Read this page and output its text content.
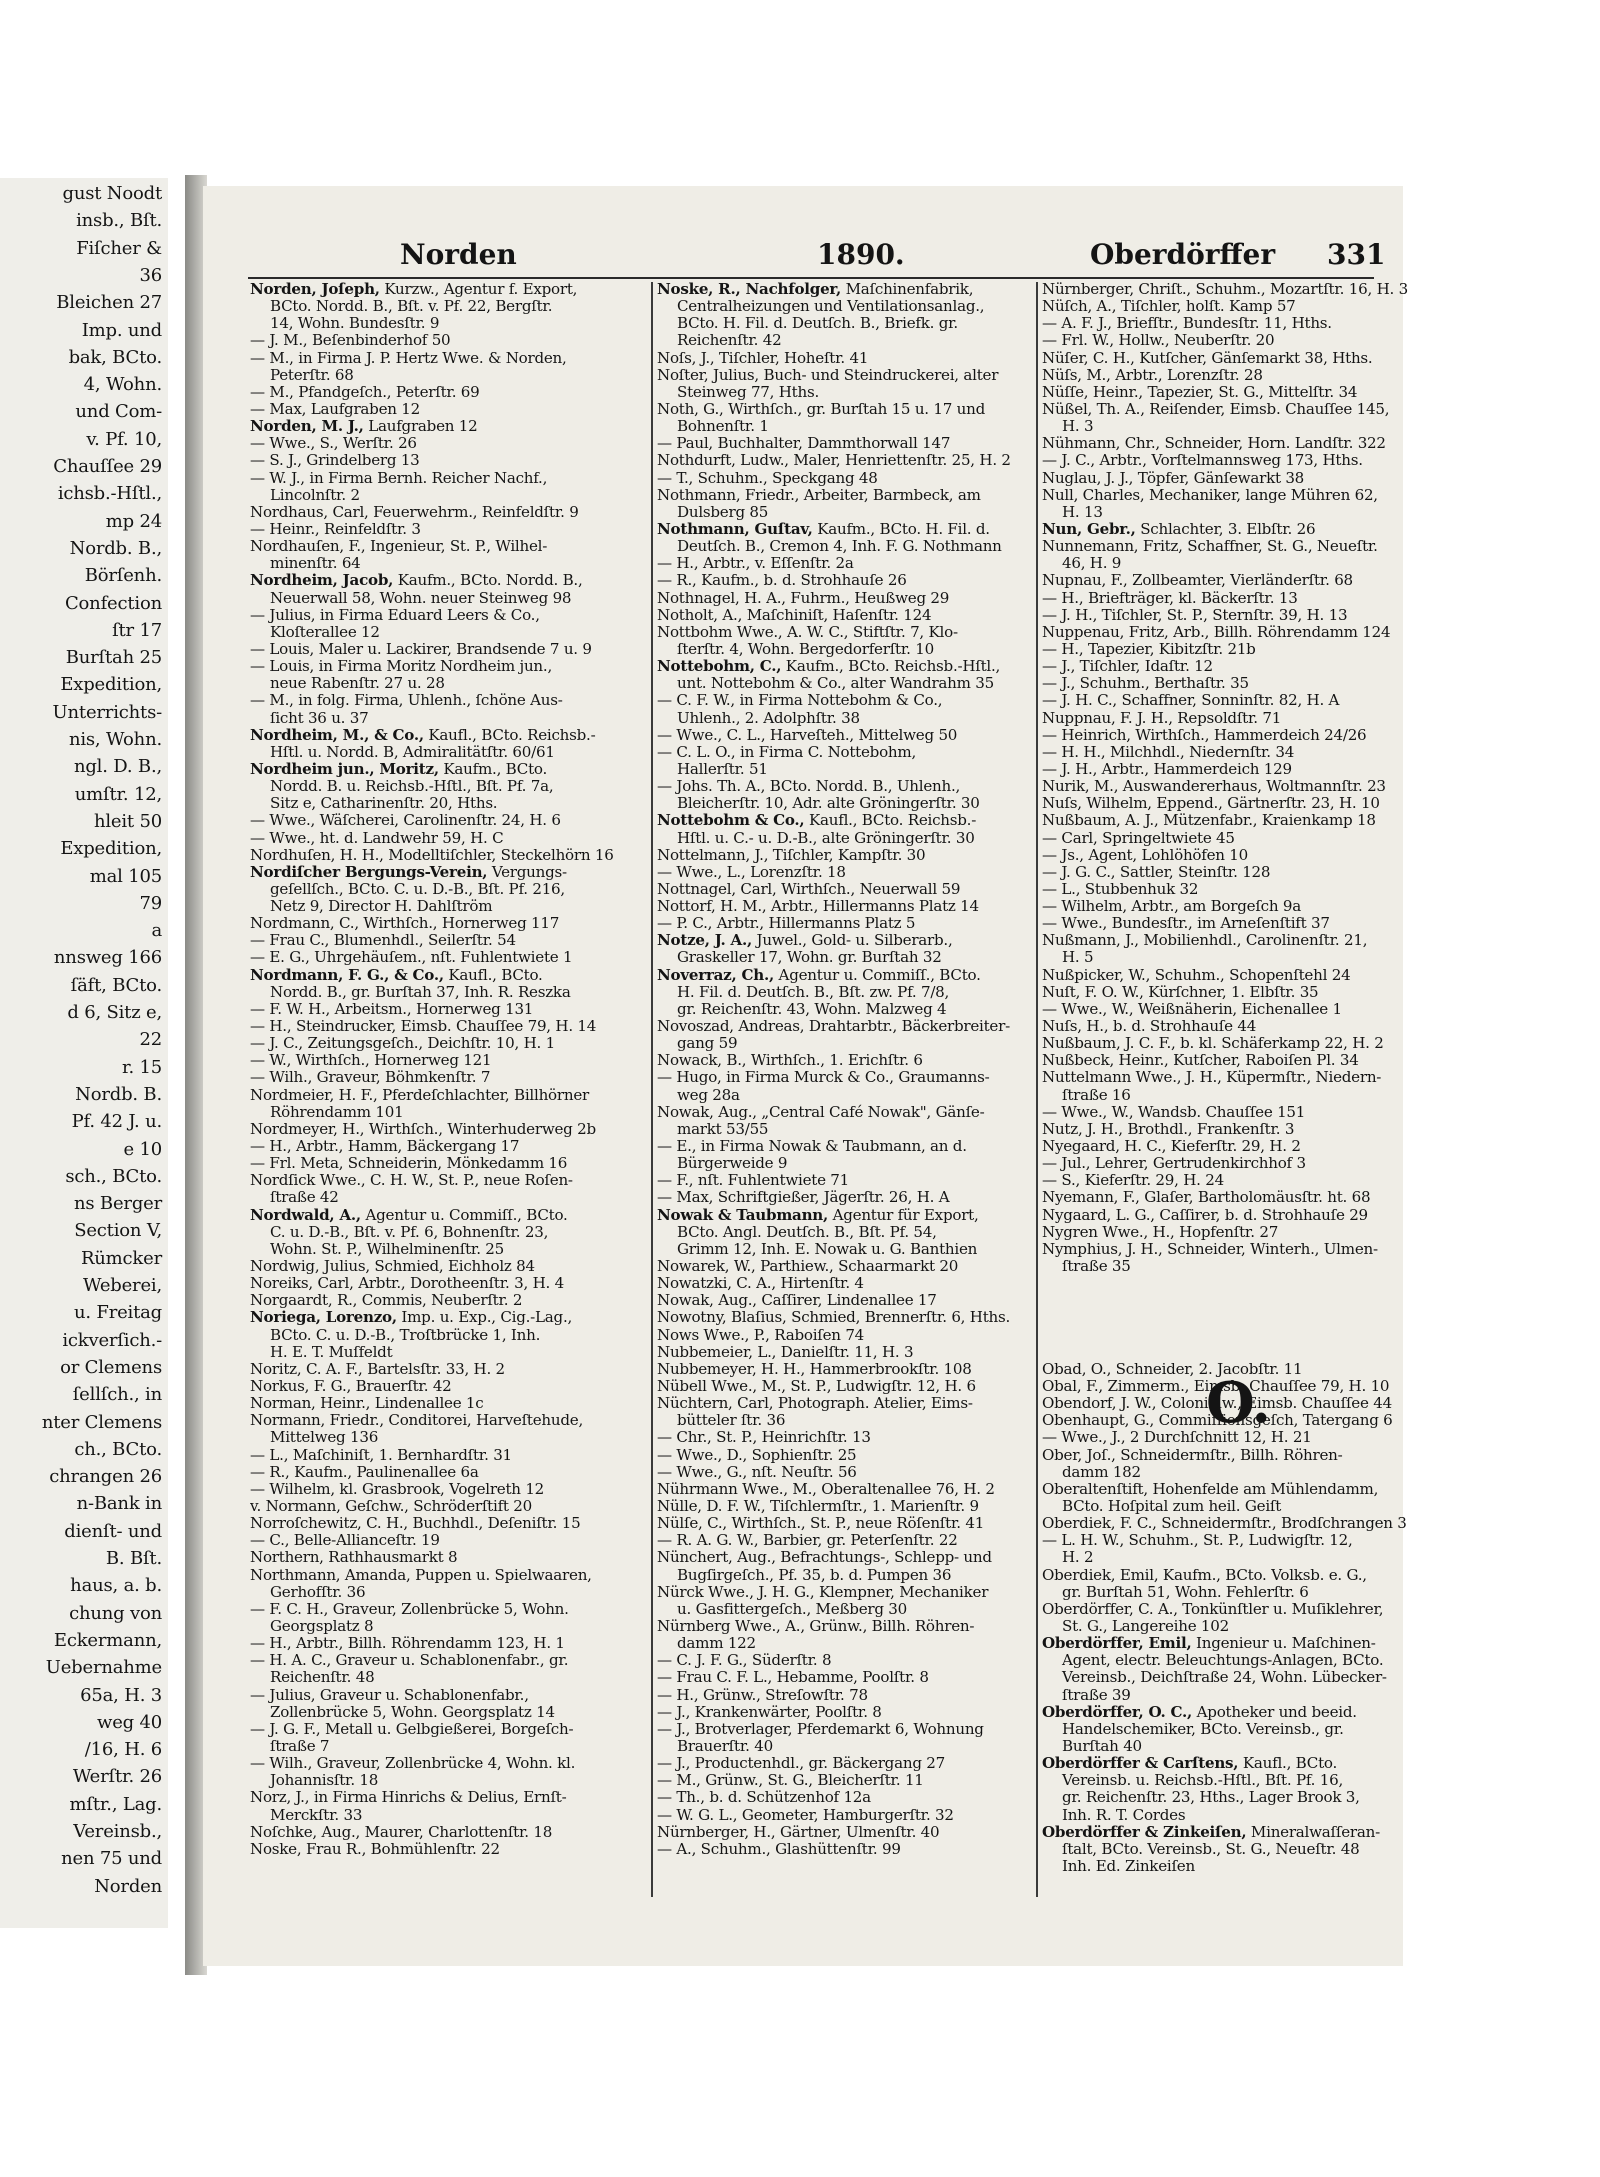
gust Noodt
insb., Bſt.
Fiſcher &
36
Bleichen 27
Imp. und
bak, BCto.
4, Wohn.
und Com-
v. Pf. 10,
Chauſſee 29
ichsb.-Hſtl.,
mp 24
Nordb. B.,
Börſenh.
Confection
ſtr 17
Burſtah 25
Expedition,
Unterrichts-
nis, Wohn.
ngl. D. B.,
umſtr. 12,
hleit 50
Expedition,
mal 105
79
a
nnsweg 166
ſäft, BCto.
d 6, Sitz e,
22
r. 15
Nordb. B.
Pf. 42 J. u.
e 10
sch., BCto.
ns Berger
Section V,
Rümcker
Weberei,
u. Freitag
ickverſich.-
or Clemens
ſellſch., in
nter Clemens
ch., BCto.
chrangen 26
n-Bank in
dienſt- und
B. Bſt.
haus, a. b.
chung von
Eckermann,
Uebernahme
65a, H. 3
weg 40
/16, H. 6
Werſtr. 26
mſtr., Lag.
Vereinsb.,
nen 75 und
Norden
Norden	1890.	Oberdörffer 331
Norden, Joſeph, Kurzw., Agentur f. Export,
BCto. Nordd. B., Bſt. v. Pf. 22, Bergſtr.
14, Wohn. Bundesſtr. 9
— J. M., Beſenbinderhof 50
— M., in Firma J. P. Hertz Wwe. & Norden,
Peterſtr. 68
— M., Pfandgeſch., Peterſtr. 69
— Max, Laufgraben 12
Norden, M. J., Laufgraben 12
— Wwe., S., Werſtr. 26
— S. J., Grindelberg 13
— W. J., in Firma Bernh. Reicher Nachf.,
Lincolnſtr. 2
Nordhaus, Carl, Feuerwehrm., Reinfeldſtr. 9
— Heinr., Reinfeldſtr. 3
Nordhauſen, F., Ingenieur, St. P., Wilhel-
minenſtr. 64
Nordheim, Jacob, Kaufm., BCto. Nordd. B.,
Neuerwall 58, Wohn. neuer Steinweg 98
— Julius, in Firma Eduard Leers & Co.,
Kloſterallee 12
— Louis, Maler u. Lackirer, Brandsende 7 u. 9
— Louis, in Firma Moritz Nordheim jun.,
neue Rabenſtr. 27 u. 28
— M., in folg. Firma, Uhlenh., ſchöne Aus-
ſicht 36 u. 37
Nordheim, M., & Co., Kaufl., BCto. Reichsb.-
Hſtl. u. Nordd. B, Admiralitätſtr. 60/61
Nordheim jun., Moritz, Kaufm., BCto.
Nordd. B. u. Reichsb.-Hſtl., Bſt. Pf. 7a,
Sitz e, Catharinenſtr. 20, Hths.
— Wwe., Wäſcherei, Carolinenſtr. 24, H. 6
— Wwe., ht. d. Landwehr 59, H. C
Nordhuſen, H. H., Modelltiſchler, Steckelhörn 16
Nordiſcher Bergungs-Verein, Vergungs-
geſellſch., BCto. C. u. D.-B., Bſt. Pf. 216,
Netz 9, Director H. Dahlſtröm
Nordmann, C., Wirthſch., Hornerweg 117
— Frau C., Blumenhdl., Seilerſtr. 54
— E. G., Uhrgehäuſem., nſt. Fuhlentwiete 1
Nordmann, F. G., & Co., Kaufl., BCto.
Nordd. B., gr. Burſtah 37, Inh. R. Reszka
— F. W. H., Arbeitsm., Hornerweg 131
— H., Steindrucker, Eimsb. Chauſſee 79, H. 14
— J. C., Zeitungsgeſch., Deichſtr. 10, H. 1
— W., Wirthſch., Hornerweg 121
— Wilh., Graveur, Böhmkenſtr. 7
Nordmeier, H. F., Pferdeſchlachter, Billhörner
Röhrendamm 101
Nordmeyer, H., Wirthſch., Winterhuderweg 2b
— H., Arbtr., Hamm, Bäckergang 17
— Frl. Meta, Schneiderin, Mönkedamm 16
Nordſick Wwe., C. H. W., St. P., neue Roſen-
ſtraße 42
Nordwald, A., Agentur u. Commiſſ., BCto.
C. u. D.-B., Bſt. v. Pf. 6, Bohnenſtr. 23,
Wohn. St. P., Wilhelminenſtr. 25
Nordwig, Julius, Schmied, Eichholz 84
Noreiks, Carl, Arbtr., Dorotheenſtr. 3, H. 4
Norgaardt, R., Commis, Neuberſtr. 2
Noriega, Lorenzo, Imp. u. Exp., Cig.-Lag.,
BCto. C. u. D.-B., Troſtbrücke 1, Inh.
H. E. T. Muſfeldt
Noritz, C. A. F., Bartelsſtr. 33, H. 2
Norkus, F. G., Brauerſtr. 42
Norman, Heinr., Lindenallee 1c
Normann, Friedr., Conditorei, Harveſtehude,
Mittelweg 136
— L., Maſchiniſt, 1. Bernhardſtr. 31
— R., Kaufm., Paulinenallee 6a
— Wilhelm, kl. Grasbrook, Vogelreth 12
v. Normann, Geſchw., Schröderſtift 20
Norroſchewitz, C. H., Buchhdl., Deſeniſtr. 15
— C., Belle-Allianceſtr. 19
Northern, Rathhausmarkt 8
Northmann, Amanda, Puppen u. Spielwaaren,
Gerhofſtr. 36
— F. C. H., Graveur, Zollenbrücke 5, Wohn.
Georgsplatz 8
— H., Arbtr., Billh. Röhrendamm 123, H. 1
— H. A. C., Graveur u. Schablonenfabr., gr.
Reichenſtr. 48
— Julius, Graveur u. Schablonenfabr.,
Zollenbrücke 5, Wohn. Georgsplatz 14
— J. G. F., Metall u. Gelbgießerei, Borgeſch-
ſtraße 7
— Wilh., Graveur, Zollenbrücke 4, Wohn. kl.
Johannisſtr. 18
Norz, J., in Firma Hinrichs & Delius, Ernſt-
Merckſtr. 33
Noſchke, Aug., Maurer, Charlottenſtr. 18
Noske, Frau R., Bohmühlenſtr. 22
Noske, R., Nachfolger, Maſchinenfabrik,
Centralheizungen und Ventilationsanlag.,
BCto. H. Fil. d. Deutſch. B., Briefk. gr.
Reichenſtr. 42
Noſs, J., Tiſchler, Hoheſtr. 41
Noſter, Julius, Buch- und Steindruckerei, alter
Steinweg 77, Hths.
Noth, G., Wirthſch., gr. Burſtah 15 u. 17 und
Bohnenſtr. 1
— Paul, Buchhalter, Dammthorwall 147
Nothdurft, Ludw., Maler, Henriettenſtr. 25, H. 2
— T., Schuhm., Speckgang 48
Nothmann, Friedr., Arbeiter, Barmbeck, am
Dulsberg 85
Nothmann, Guſtav, Kaufm., BCto. H. Fil. d.
Deutſch. B., Cremon 4, Inh. F. G. Nothmann
— H., Arbtr., v. Eſſenſtr. 2a
— R., Kaufm., b. d. Strohhauſe 26
Nothnagel, H. A., Fuhrm., Heußweg 29
Notholt, A., Maſchiniſt, Haſenſtr. 124
Nottbohm Wwe., A. W. C., Stiftſtr. 7, Klo-
ſterſtr. 4, Wohn. Bergedorferſtr. 10
Nottebohm, C., Kaufm., BCto. Reichsb.-Hſtl.,
unt. Nottebohm & Co., alter Wandrahm 35
— C. F. W., in Firma Nottebohm & Co.,
Uhlenh., 2. Adolphſtr. 38
— Wwe., C. L., Harveſteh., Mittelweg 50
— C. L. O., in Firma C. Nottebohm,
Hallerſtr. 51
— Johs. Th. A., BCto. Nordd. B., Uhlenh.,
Bleicherſtr. 10, Adr. alte Gröningerſtr. 30
Nottebohm & Co., Kaufl., BCto. Reichsb.-
Hſtl. u. C.- u. D.-B., alte Gröningerſtr. 30
Nottelmann, J., Tiſchler, Kampſtr. 30
— Wwe., L., Lorenzſtr. 18
Nottnagel, Carl, Wirthſch., Neuerwall 59
Nottorf, H. M., Arbtr., Hillermanns Platz 14
— P. C., Arbtr., Hillermanns Platz 5
Notze, J. A., Juwel., Gold- u. Silberarb.,
Graskeller 17, Wohn. gr. Burſtah 32
Noverraz, Ch., Agentur u. Commiſſ., BCto.
H. Fil. d. Deutſch. B., Bſt. zw. Pf. 7/8,
gr. Reichenſtr. 43, Wohn. Malzweg 4
Novoszad, Andreas, Drahtarbtr., Bäckerbreiter-
gang 59
Nowack, B., Wirthſch., 1. Erichſtr. 6
— Hugo, in Firma Murck & Co., Graumanns-
weg 28a
Nowak, Aug., „Central Café Nowak", Gänſe-
markt 53/55
— E., in Firma Nowak & Taubmann, an d.
Bürgerweide 9
— F., nſt. Fuhlentwiete 71
— Max, Schriftgießer, Jägerſtr. 26, H. A
Nowak & Taubmann, Agentur für Export,
BCto. Angl. Deutſch. B., Bſt. Pf. 54,
Grimm 12, Inh. E. Nowak u. G. Banthien
Nowarek, W., Parthiew., Schaarmarkt 20
Nowatzki, C. A., Hirtenſtr. 4
Nowak, Aug., Caſſirer, Lindenallee 17
Nowotny, Blaſius, Schmied, Brennerſtr. 6, Hths.
Nows Wwe., P., Raboiſen 74
Nubbemeier, L., Danielſtr. 11, H. 3
Nubbemeyer, H. H., Hammerbrookſtr. 108
Nübell Wwe., M., St. P., Ludwigſtr. 12, H. 6
Nüchtern, Carl, Photograph. Atelier, Eims-
bütteler ſtr. 36
— Chr., St. P., Heinrichſtr. 13
— Wwe., D., Sophienſtr. 25
— Wwe., G., nſt. Neuſtr. 56
Nührmann Wwe., M., Oberaltenallee 76, H. 2
Nülle, D. F. W., Tiſchlermſtr., 1. Marienſtr. 9
Nülſe, C., Wirthſch., St. P., neue Röſenſtr. 41
— R. A. G. W., Barbier, gr. Peterſenſtr. 22
Nünchert, Aug., Befrachtungs-, Schlepp- und
Bugſirgeſch., Pf. 35, b. d. Pumpen 36
Nürck Wwe., J. H. G., Klempner, Mechaniker
u. Gasfittergeſch., Meßberg 30
Nürnberg Wwe., A., Grünw., Billh. Röhren-
damm 122
— C. J. F. G., Süderſtr. 8
— Frau C. F. L., Hebamme, Poolſtr. 8
— H., Grünw., Streſowſtr. 78
— J., Krankenwärter, Poolſtr. 8
— J., Brotverlager, Pferdemarkt 6, Wohnung
Brauerſtr. 40
— J., Productenhdl., gr. Bäckergang 27
— M., Grünw., St. G., Bleicherſtr. 11
— Th., b. d. Schützenhof 12a
— W. G. L., Geometer, Hamburgerſtr. 32
Nürnberger, H., Gärtner, Ulmenſtr. 40
— A., Schuhm., Glashüttenſtr. 99
Nürnberger, Chriſt., Schuhm., Mozartſtr. 16, H. 3
Nüſch, A., Tiſchler, holſt. Kamp 57
— A. F. J., Briefſtr., Bundesſtr. 11, Hths.
— Frl. W., Hollw., Neuberſtr. 20
Nüſer, C. H., Kutſcher, Gänſemarkt 38, Hths.
Nüſs, M., Arbtr., Lorenzſtr. 28
Nüſſe, Heinr., Tapezier, St. G., Mittelſtr. 34
Nüßel, Th. A., Reiſender, Eimsb. Chauſſee 145,
H. 3
Nühmann, Chr., Schneider, Horn. Landſtr. 322
— J. C., Arbtr., Vorſtelmannsweg 173, Hths.
Nuglau, J. J., Töpfer, Gänſewarkt 38
Null, Charles, Mechaniker, lange Mühren 62,
H. 13
Nun, Gebr., Schlachter, 3. Elbſtr. 26
Nunnemann, Fritz, Schaffner, St. G., Neueſtr.
46, H. 9
Nupnau, F., Zollbeamter, Vierländerſtr. 68
— H., Briefträger, kl. Bäckerſtr. 13
— J. H., Tiſchler, St. P., Sternſtr. 39, H. 13
Nuppenau, Fritz, Arb., Billh. Röhrendamm 124
— H., Tapezier, Kibitzſtr. 21b
— J., Tiſchler, Idaſtr. 12
— J., Schuhm., Berthaſtr. 35
— J. H. C., Schaffner, Sonninſtr. 82, H. A
Nuppnau, F. J. H., Repsoldſtr. 71
— Heinrich, Wirthſch., Hammerdeich 24/26
— H. H., Milchhdl., Niedernſtr. 34
— J. H., Arbtr., Hammerdeich 129
Nurik, M., Auswandererhaus, Woltmannſtr. 23
Nuſs, Wilhelm, Eppend., Gärtnerſtr. 23, H. 10
Nußbaum, A. J., Mützenfabr., Kraienkamp 18
— Carl, Springeltwiete 45
— Js., Agent, Lohlöhöfen 10
— J. G. C., Sattler, Steinſtr. 128
— L., Stubbenhuk 32
— Wilhelm, Arbtr., am Borgeſch 9a
— Wwe., Bundesſtr., im Arneſenſtift 37
Nußmann, J., Mobilienhdl., Carolinenſtr. 21,
H. 5
Nußpicker, W., Schuhm., Schopenſtehl 24
Nuſt, F. O. W., Kürſchner, 1. Elbſtr. 35
— Wwe., W., Weißnäherin, Eichenallee 1
Nuſs, H., b. d. Strohhauſe 44
Nußbaum, J. C. F., b. kl. Schäferkamp 22, H. 2
Nußbeck, Heinr., Kutſcher, Raboiſen Pl. 34
Nuttelmann Wwe., J. H., Küpermſtr., Niedern-
ſtraße 16
— Wwe., W., Wandsb. Chauſſee 151
Nutz, J. H., Brothdl., Frankenſtr. 3
Nyegaard, H. C., Kieferſtr. 29, H. 2
— Jul., Lehrer, Gertrudenkirchhof 3
— S., Kieferſtr. 29, H. 24
Nyemann, F., Glaſer, Bartholomäusſtr. ht. 68
Nygaard, L. G., Caſſirer, b. d. Strohhauſe 29
Nygren Wwe., H., Hopfenſtr. 27
Nymphius, J. H., Schneider, Winterh., Ulmen-
ſtraße 35
Obad, O., Schneider, 2. Jacobſtr. 11
Obal, F., Zimmerm., Eimsb. Chauſſee 79, H. 10
Obendorf, J. W., Colonialw., Eimsb. Chauſſee 44
Obenhaupt, G., Commiſſionsgeſch, Tatergang 6
— Wwe., J., 2 Durchſchnitt 12, H. 21
Ober, Joſ., Schneidermſtr., Billh. Röhren-
damm 182
Oberaltenſtift, Hohenfelde am Mühlendamm,
BCto. Hoſpital zum heil. Geiſt
Oberdiek, F. C., Schneidermſtr., Brodſchrangen 3
— L. H. W., Schuhm., St. P., Ludwigſtr. 12,
H. 2
Oberdiek, Emil, Kaufm., BCto. Volksb. e. G.,
gr. Burſtah 51, Wohn. Fehlerſtr. 6
Oberdörffer, C. A., Tonkünſtler u. Muſiklehrer,
St. G., Langereihe 102
Oberdörffer, Emil, Ingenieur u. Maſchinen-
Agent, electr. Beleuchtungs-Anlagen, BCto.
Vereinsb., Deichſtraße 24, Wohn. Lübecker-
ſtraße 39
Oberdörffer, O. C., Apotheker und beeid.
Handelschemiker, BCto. Vereinsb., gr.
Burſtah 40
Oberdörffer & Carſtens, Kaufl., BCto.
Vereinsb. u. Reichsb.-Hſtl., Bſt. Pf. 16,
gr. Reichenſtr. 23, Hths., Lager Brook 3,
Inh. R. T. Cordes
Oberdörffer & Zinkeiſen, Mineralwaſſeran-
ſtalt, BCto. Vereinsb., St. G., Neueſtr. 48
Inh. Ed. Zinkeiſen
O.
